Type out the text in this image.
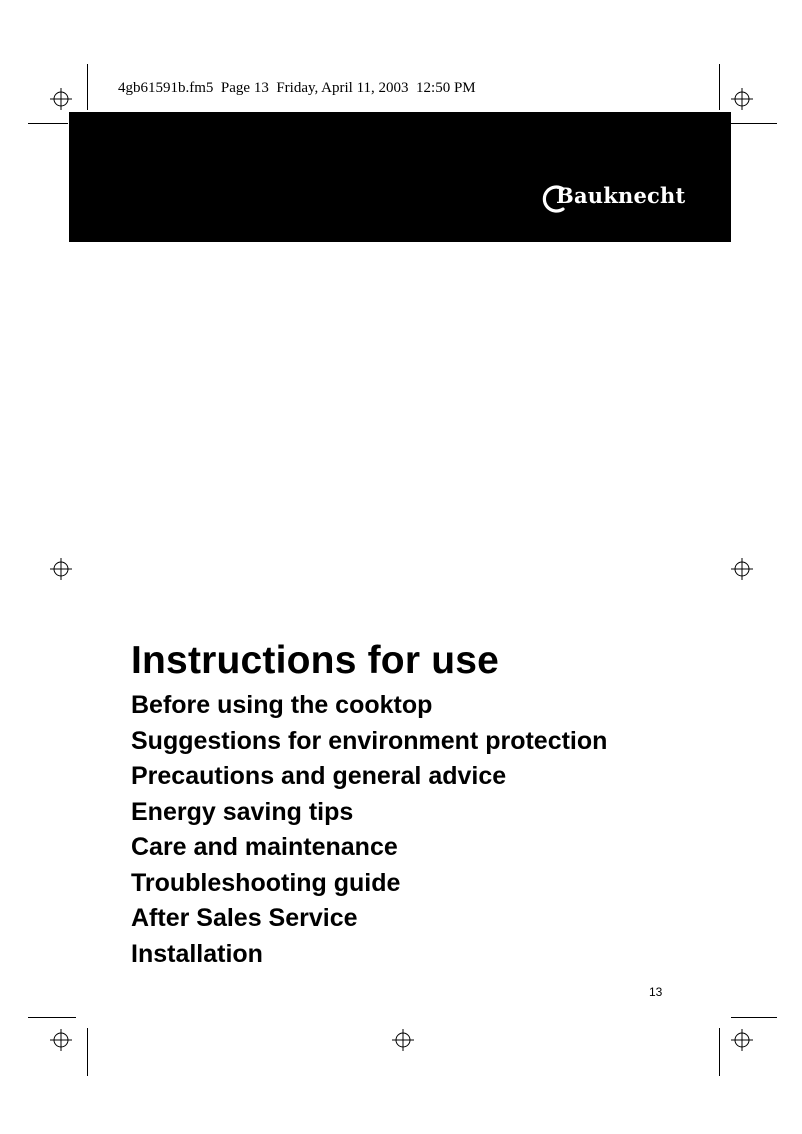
4gb61591b.fm5  Page 13  Friday, April 11, 2003  12:50 PM
Bauknecht
Instructions for use
Before using the cooktop
Suggestions for environment protection
Precautions and general advice
Energy saving tips
Care and maintenance
Troubleshooting guide
After Sales Service
Installation
13
